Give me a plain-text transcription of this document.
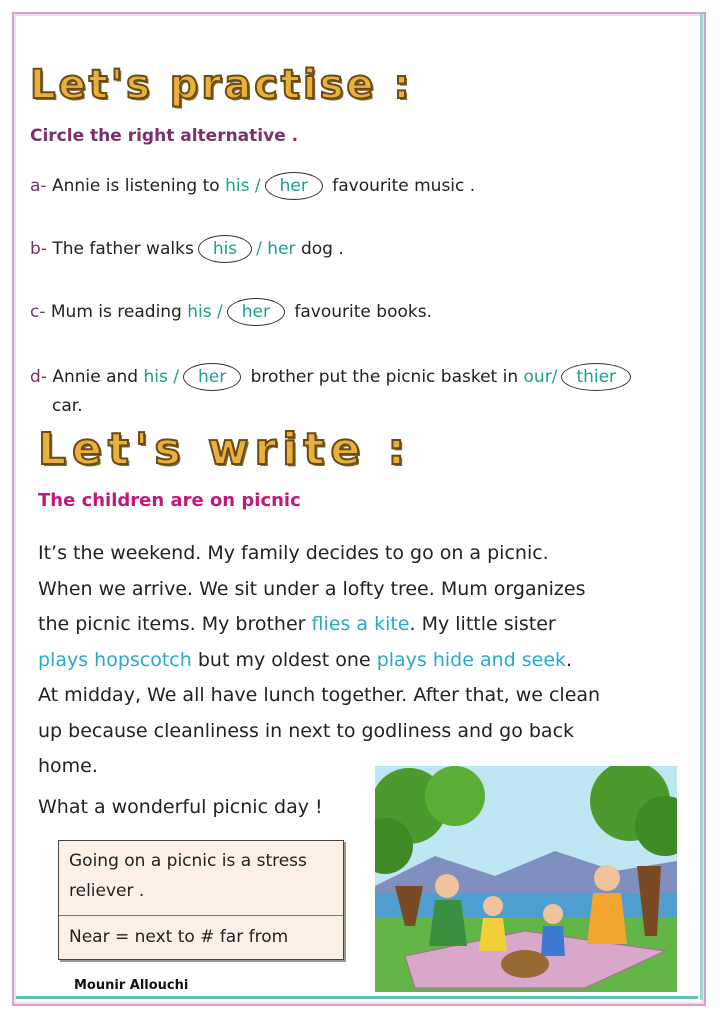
Let's practise :
Circle the right alternative .
a- Annie is listening to his / her favourite music .
b- The father walks his / her dog .
c- Mum is reading his / her favourite books.
d- Annie and his / her brother put the picnic basket in our/ thier
car.
Let's write :
The children are on picnic
It’s the weekend. My family decides to go on a picnic.
When we arrive. We sit under a lofty tree. Mum organizes
the picnic items. My brother flies a kite. My little sister
plays hopscotch but my oldest one plays hide and seek.
At midday, We all have lunch together. After that, we clean
up because cleanliness in next to godliness and go back
home.
What a wonderful picnic day !
Going on a picnic is a stress
reliever .
Near = next to # far from
Mounir Allouchi
